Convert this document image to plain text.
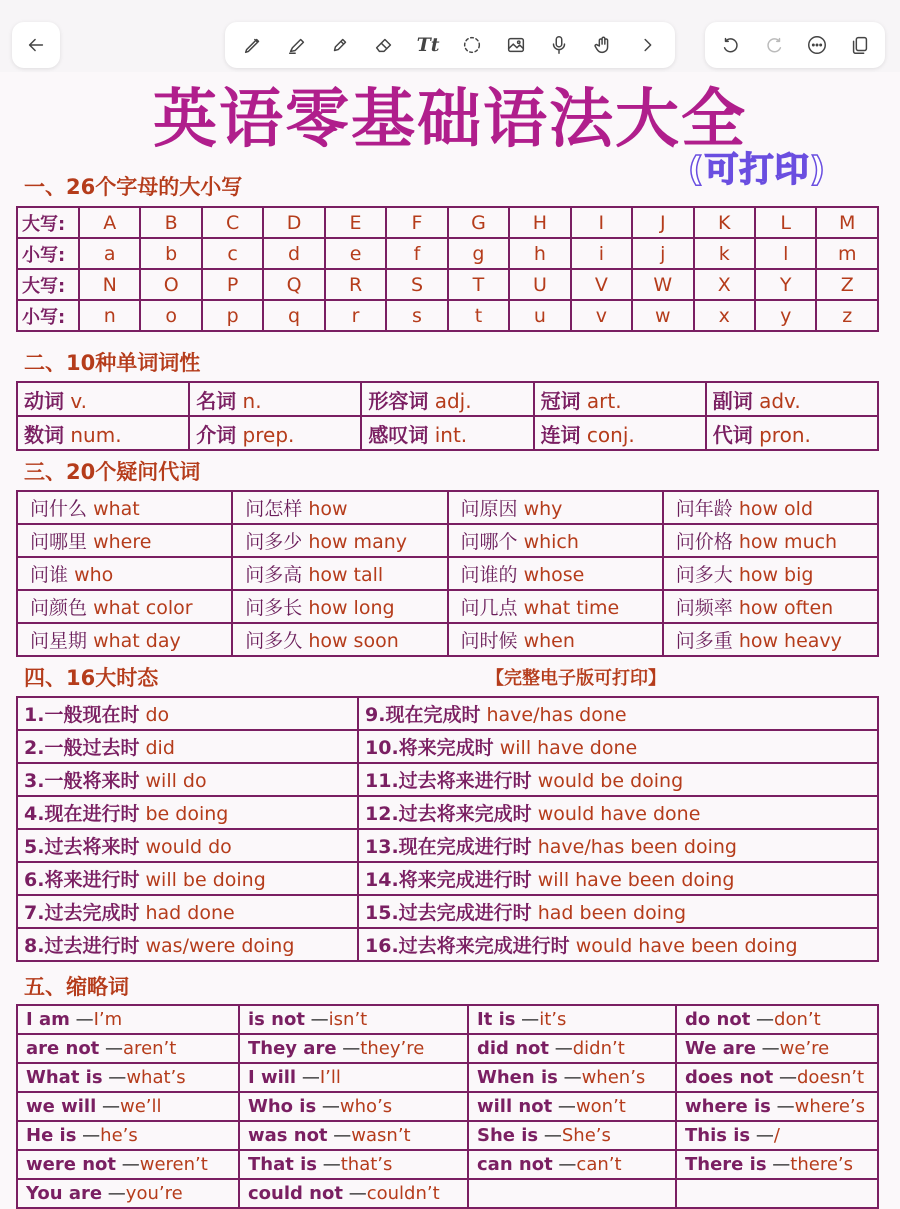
Tt
英语零基础语法大全
(可打印)
一、26个字母的大小写
大写:	A	B	C	D	E	F	G	H	I	J	K	L	M
小写:	a	b	c	d	e	f	g	h	i	j	k	l	m
大写:	N	O	P	Q	R	S	T	U	V	W	X	Y	Z
小写:	n	o	p	q	r	s	t	u	v	w	x	y	z
二、10种单词词性
动词 v.	名词 n.	形容词 adj.	冠词 art.	副词 adv.
数词 num.	介词 prep.	感叹词 int.	连词 conj.	代词 pron.
三、20个疑问代词
问什么 what	问怎样 how	问原因 why	问年龄 how old
问哪里 where	问多少 how many	问哪个 which	问价格 how much
问谁 who	问多高 how tall	问谁的 whose	问多大 how big
问颜色 what color	问多长 how long	问几点 what time	问频率 how often
问星期 what day	问多久 how soon	问时候 when	问多重 how heavy
四、16大时态	【完整电子版可打印】
1.一般现在时 do	9.现在完成时 have/has done
2.一般过去时 did	10.将来完成时 will have done
3.一般将来时 will do	11.过去将来进行时 would be doing
4.现在进行时 be doing	12.过去将来完成时 would have done
5.过去将来时 would do	13.现在完成进行时 have/has been doing
6.将来进行时 will be doing	14.将来完成进行时 will have been doing
7.过去完成时 had done	15.过去完成进行时 had been doing
8.过去进行时 was/were doing	16.过去将来完成进行时 would have been doing
五、缩略词
I am —I’m	is not —isn’t	It is —it’s	do not —don’t
are not —aren’t	They are —they’re	did not —didn’t	We are —we’re
What is —what’s	I will —I’ll	When is —when’s	does not —doesn’t
we will —we’ll	Who is —who’s	will not —won’t	where is —where’s
He is —he’s	was not —wasn’t	She is —She’s	This is —/
were not —weren’t	That is —that’s	can not —can’t	There is —there’s
You are —you’re	could not —couldn’t		
